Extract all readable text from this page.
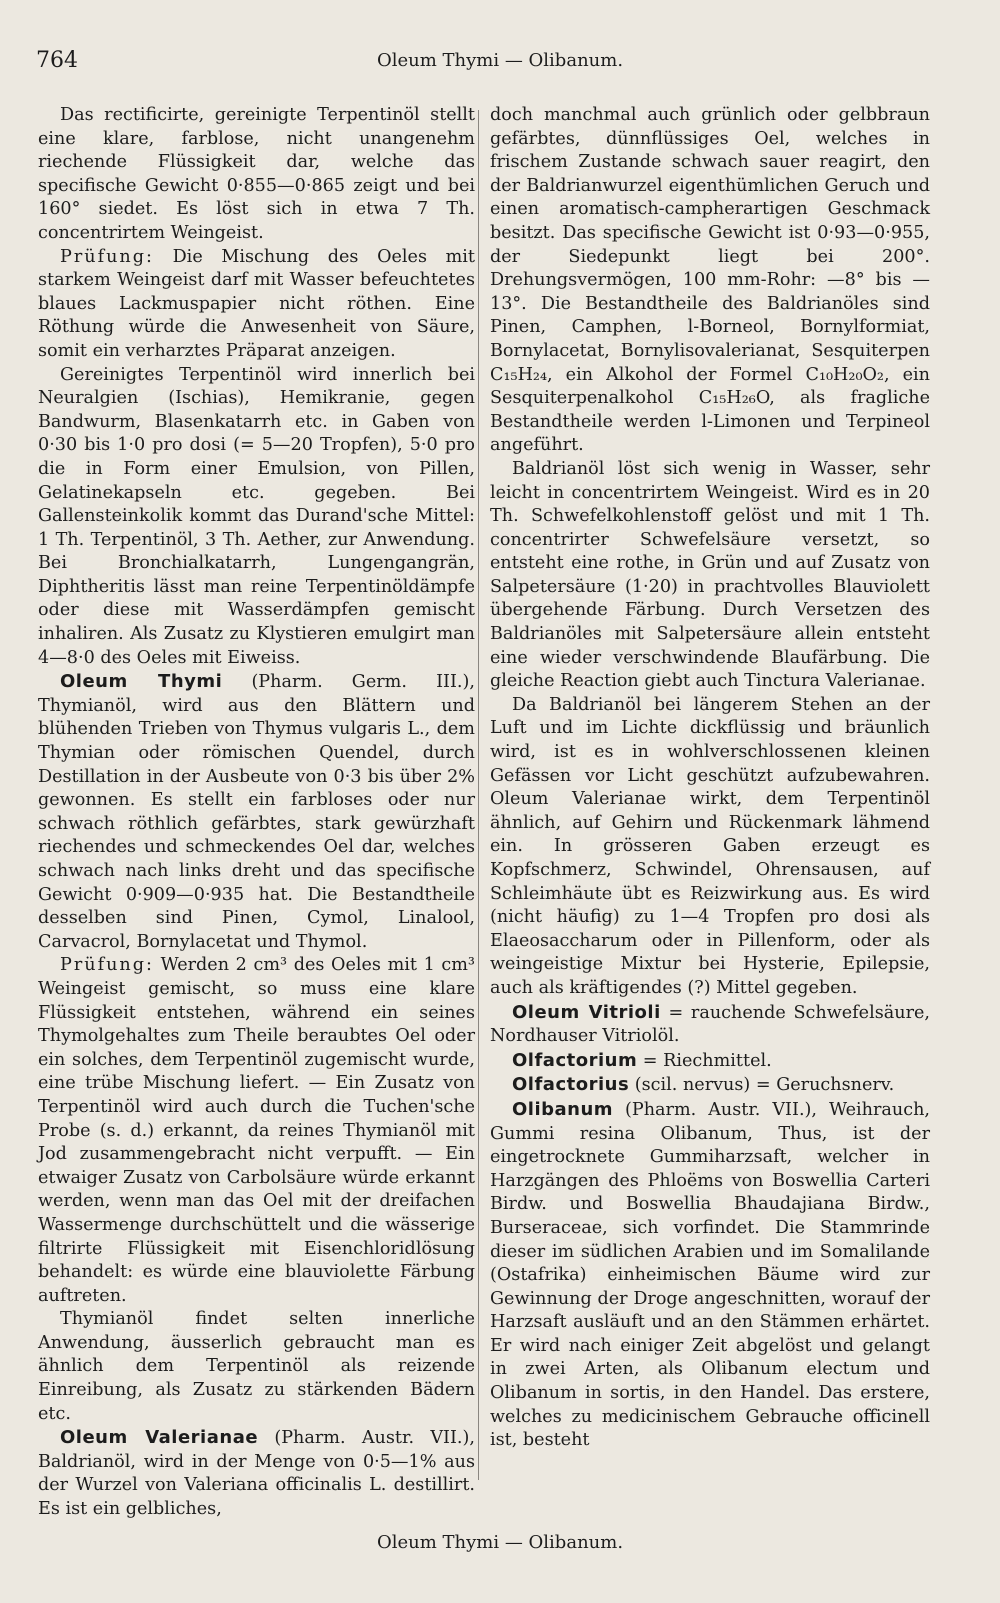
764	Oleum Thymi — Olibanum.

Das rectificirte, gereinigte Terpentinöl stellt eine klare, farblose, nicht unangenehm riechende Flüssigkeit dar, welche das specifische Gewicht 0·855—0·865 zeigt und bei 160° siedet. Es löst sich in etwa 7 Th. concentrirtem Weingeist.

Prüfung: Die Mischung des Oeles mit starkem Weingeist darf mit Wasser befeuchtetes blaues Lackmuspapier nicht röthen. Eine Röthung würde die Anwesenheit von Säure, somit ein verharztes Präparat anzeigen.

Gereinigtes Terpentinöl wird innerlich bei Neuralgien (Ischias), Hemikranie, gegen Bandwurm, Blasenkatarrh etc. in Gaben von 0·30 bis 1·0 pro dosi (= 5—20 Tropfen), 5·0 pro die in Form einer Emulsion, von Pillen, Gelatinekapseln etc. gegeben. Bei Gallensteinkolik kommt das Durand'sche Mittel: 1 Th. Terpentinöl, 3 Th. Aether, zur Anwendung. Bei Bronchialkatarrh, Lungengangrän, Diphtheritis lässt man reine Terpentinöldämpfe oder diese mit Wasserdämpfen gemischt inhaliren. Als Zusatz zu Klystieren emulgirt man 4—8·0 des Oeles mit Eiweiss.

Oleum Thymi (Pharm. Germ. III.), Thymianöl, wird aus den Blättern und blühenden Trieben von Thymus vulgaris L., dem Thymian oder römischen Quendel, durch Destillation in der Ausbeute von 0·3 bis über 2% gewonnen. Es stellt ein farbloses oder nur schwach röthlich gefärbtes, stark gewürzhaft riechendes und schmeckendes Oel dar, welches schwach nach links dreht und das specifische Gewicht 0·909—0·935 hat. Die Bestandtheile desselben sind Pinen, Cymol, Linalool, Carvacrol, Bornylacetat und Thymol.

Prüfung: Werden 2 cm³ des Oeles mit 1 cm³ Weingeist gemischt, so muss eine klare Flüssigkeit entstehen, während ein seines Thymolgehaltes zum Theile beraubtes Oel oder ein solches, dem Terpentinöl zugemischt wurde, eine trübe Mischung liefert. — Ein Zusatz von Terpentinöl wird auch durch die Tuchen'sche Probe (s. d.) erkannt, da reines Thymianöl mit Jod zusammengebracht nicht verpufft. — Ein etwaiger Zusatz von Carbolsäure würde erkannt werden, wenn man das Oel mit der dreifachen Wassermenge durchschüttelt und die wässerige filtrirte Flüssigkeit mit Eisenchloridlösung behandelt: es würde eine blauviolette Färbung auftreten.

Thymianöl findet selten innerliche Anwendung, äusserlich gebraucht man es ähnlich dem Terpentinöl als reizende Einreibung, als Zusatz zu stärkenden Bädern etc.

Oleum Valerianae (Pharm. Austr. VII.), Baldrianöl, wird in der Menge von 0·5—1% aus der Wurzel von Valeriana officinalis L. destillirt. Es ist ein gelbliches,

doch manchmal auch grünlich oder gelbbraun gefärbtes, dünnflüssiges Oel, welches in frischem Zustande schwach sauer reagirt, den der Baldrianwurzel eigenthümlichen Geruch und einen aromatisch-campherartigen Geschmack besitzt. Das specifische Gewicht ist 0·93—0·955, der Siedepunkt liegt bei 200°. Drehungsvermögen, 100 mm-Rohr: —8° bis —13°. Die Bestandtheile des Baldrianöles sind Pinen, Camphen, l-Borneol, Bornylformiat, Bornylacetat, Bornylisovalerianat, Sesquiterpen C₁₅H₂₄, ein Alkohol der Formel C₁₀H₂₀O₂, ein Sesquiterpenalkohol C₁₅H₂₆O, als fragliche Bestandtheile werden l-Limonen und Terpineol angeführt.

Baldrianöl löst sich wenig in Wasser, sehr leicht in concentrirtem Weingeist. Wird es in 20 Th. Schwefelkohlenstoff gelöst und mit 1 Th. concentrirter Schwefelsäure versetzt, so entsteht eine rothe, in Grün und auf Zusatz von Salpetersäure (1·20) in prachtvolles Blauviolett übergehende Färbung. Durch Versetzen des Baldrianöles mit Salpetersäure allein entsteht eine wieder verschwindende Blaufärbung. Die gleiche Reaction giebt auch Tinctura Valerianae.

Da Baldrianöl bei längerem Stehen an der Luft und im Lichte dickflüssig und bräunlich wird, ist es in wohlverschlossenen kleinen Gefässen vor Licht geschützt aufzubewahren. Oleum Valerianae wirkt, dem Terpentinöl ähnlich, auf Gehirn und Rückenmark lähmend ein. In grösseren Gaben erzeugt es Kopfschmerz, Schwindel, Ohrensausen, auf Schleimhäute übt es Reizwirkung aus. Es wird (nicht häufig) zu 1—4 Tropfen pro dosi als Elaeosaccharum oder in Pillenform, oder als weingeistige Mixtur bei Hysterie, Epilepsie, auch als kräftigendes (?) Mittel gegeben.

Oleum Vitrioli = rauchende Schwefelsäure, Nordhauser Vitriolöl.

Olfactorium = Riechmittel.

Olfactorius (scil. nervus) = Geruchsnerv.

Olibanum (Pharm. Austr. VII.), Weihrauch, Gummi resina Olibanum, Thus, ist der eingetrocknete Gummiharzsaft, welcher in Harzgängen des Phloëms von Boswellia Carteri Birdw. und Boswellia Bhaudajiana Birdw., Burseraceae, sich vorfindet. Die Stammrinde dieser im südlichen Arabien und im Somalilande (Ostafrika) einheimischen Bäume wird zur Gewinnung der Droge angeschnitten, worauf der Harzsaft ausläuft und an den Stämmen erhärtet. Er wird nach einiger Zeit abgelöst und gelangt in zwei Arten, als Olibanum electum und Olibanum in sortis, in den Handel. Das erstere, welches zu medicinischem Gebrauche officinell ist, besteht

Oleum Thymi — Olibanum.
